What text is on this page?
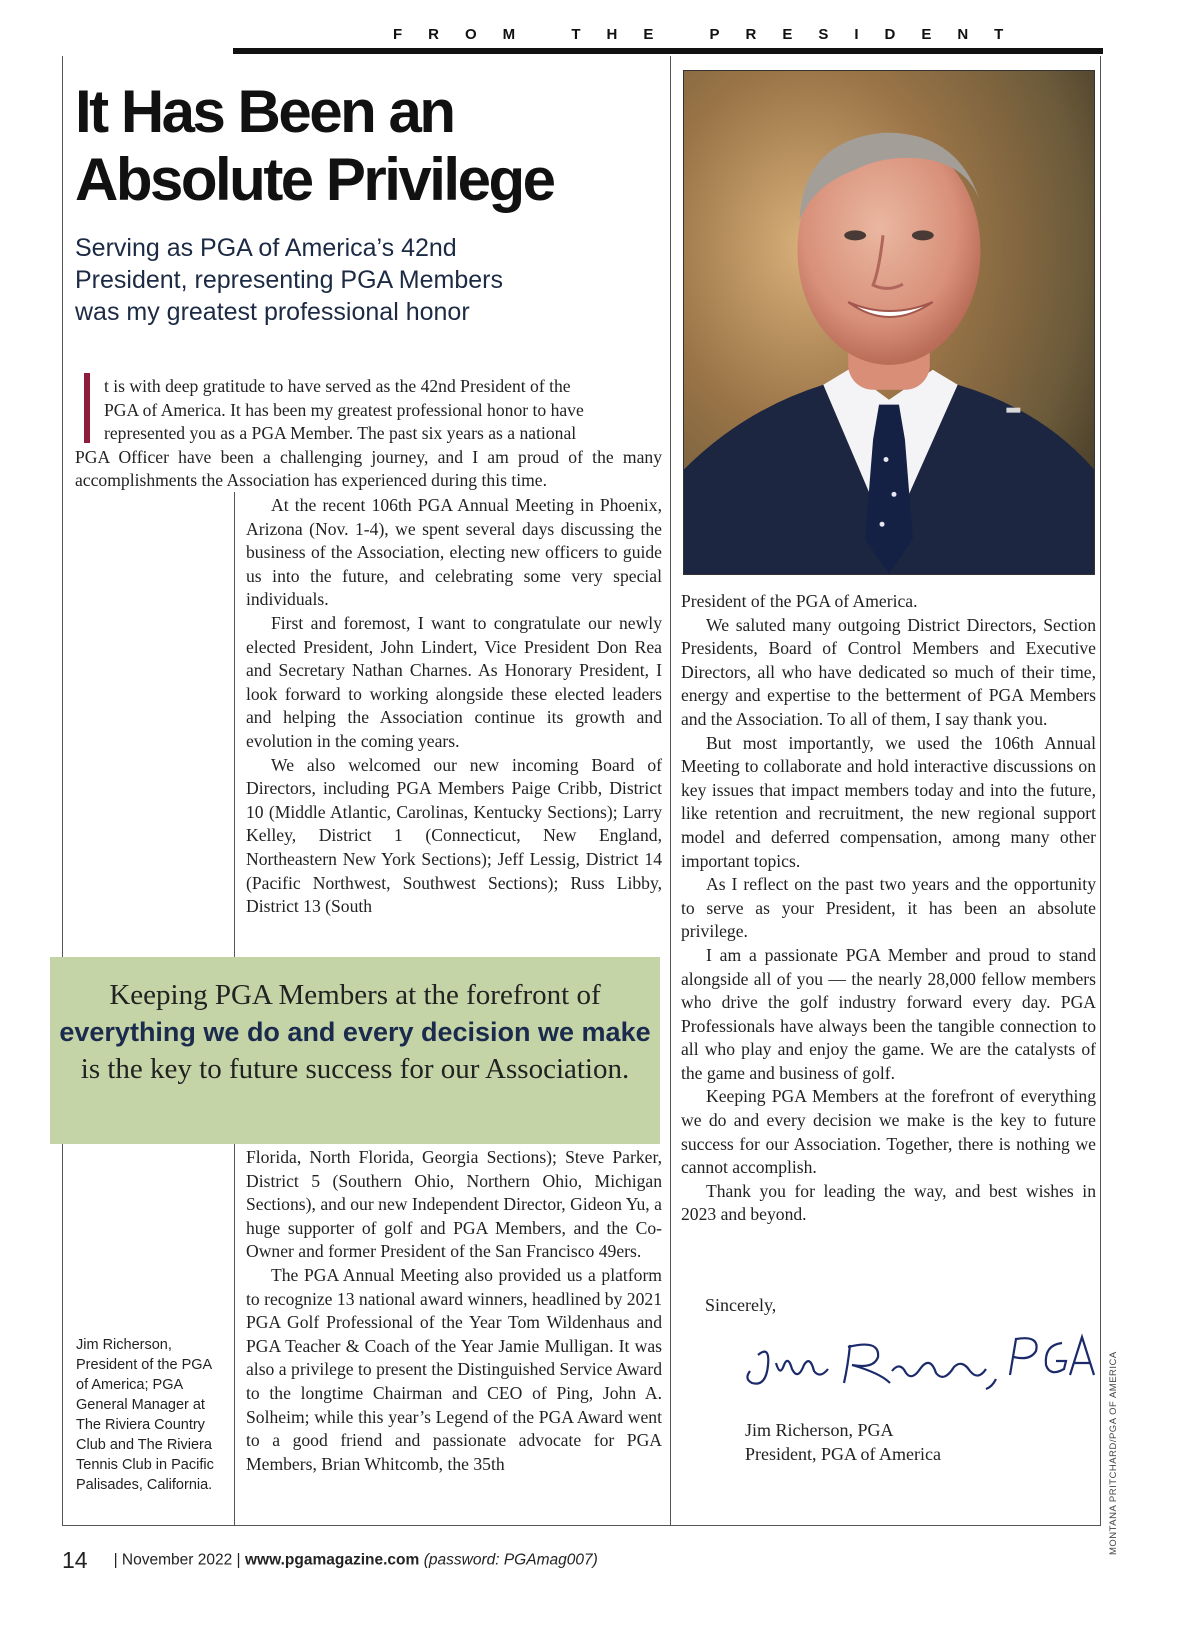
FROM THE PRESIDENT
It Has Been an
Absolute Privilege
Serving as PGA of America’s 42nd
President, representing PGA Members
was my greatest professional honor

t is with deep gratitude to have served as the 42nd President of the

PGA of America. It has been my greatest professional honor to have

represented you as a PGA Member. The past six years as a national

PGA Officer have been a challenging journey, and I am proud of the many accomplishments the Association has experienced during this time.

At the recent 106th PGA Annual Meeting in Phoenix, Arizona (Nov. 1-4), we spent several days discussing the business of the Association, electing new officers to guide us into the future, and celebrating some very special individuals.

First and foremost, I want to congratulate our newly elected President, John Lindert, Vice President Don Rea and Secretary Nathan Charnes. As Honorary President, I look forward to working alongside these elected leaders and helping the Association continue its growth and evolution in the coming years.

We also welcomed our new incoming Board of Directors, including PGA Members Paige Cribb, District 10 (Middle Atlantic, Carolinas, Kentucky Sections); Larry Kelley, District 1 (Connecticut, New England, Northeastern New York Sections); Jeff Lessig, District 14 (Pacific Northwest, Southwest Sections); Russ Libby, District 13 (South

Keeping PGA Members at the forefront of
everything we do and every decision we make is the key to future success for our Association.

Florida, North Florida, Georgia Sections); Steve Parker, District 5 (Southern Ohio, Northern Ohio, Michigan Sections), and our new Independent Director, Gideon Yu, a huge supporter of golf and PGA Members, and the Co-Owner and former President of the San Francisco 49ers.

The PGA Annual Meeting also provided us a platform to recognize 13 national award winners, headlined by 2021 PGA Golf Professional of the Year Tom Wildenhaus and PGA Teacher & Coach of the Year Jamie Mulligan. It was also a privilege to present the Distinguished Service Award to the longtime Chairman and CEO of Ping, John A. Solheim; while this year’s Legend of the PGA Award went to a good friend and passionate advocate for PGA Members, Brian Whitcomb, the 35th

President of the PGA of America.

We saluted many outgoing District Directors, Section Presidents, Board of Control Members and Executive Directors, all who have dedicated so much of their time, energy and expertise to the betterment of PGA Members and the Association. To all of them, I say thank you.

But most importantly, we used the 106th Annual Meeting to collaborate and hold interactive discussions on key issues that impact members today and into the future, like retention and recruitment, the new regional support model and deferred compensation, among many other important topics.

As I reflect on the past two years and the opportunity to serve as your President, it has been an absolute privilege.

I am a passionate PGA Member and proud to stand alongside all of you — the nearly 28,000 fellow members who drive the golf industry forward every day. PGA Professionals have always been the tangible connection to all who play and enjoy the game. We are the catalysts of the game and business of golf.

Keeping PGA Members at the forefront of everything we do and every decision we make is the key to future success for our Association. Together, there is nothing we cannot accomplish.

Thank you for leading the way, and best wishes in 2023 and beyond.

Sincerely,
Jim Richerson, PGA
President, PGA of America
Jim Richerson, President of the PGA of America; PGA General Manager at The Riviera Country Club and The Riviera Tennis Club in Pacific Palisades, California.	MONTANA PRITCHARD/PGA OF AMERICA
14 | November 2022 | www.pgamagazine.com (password: PGAmag007)
